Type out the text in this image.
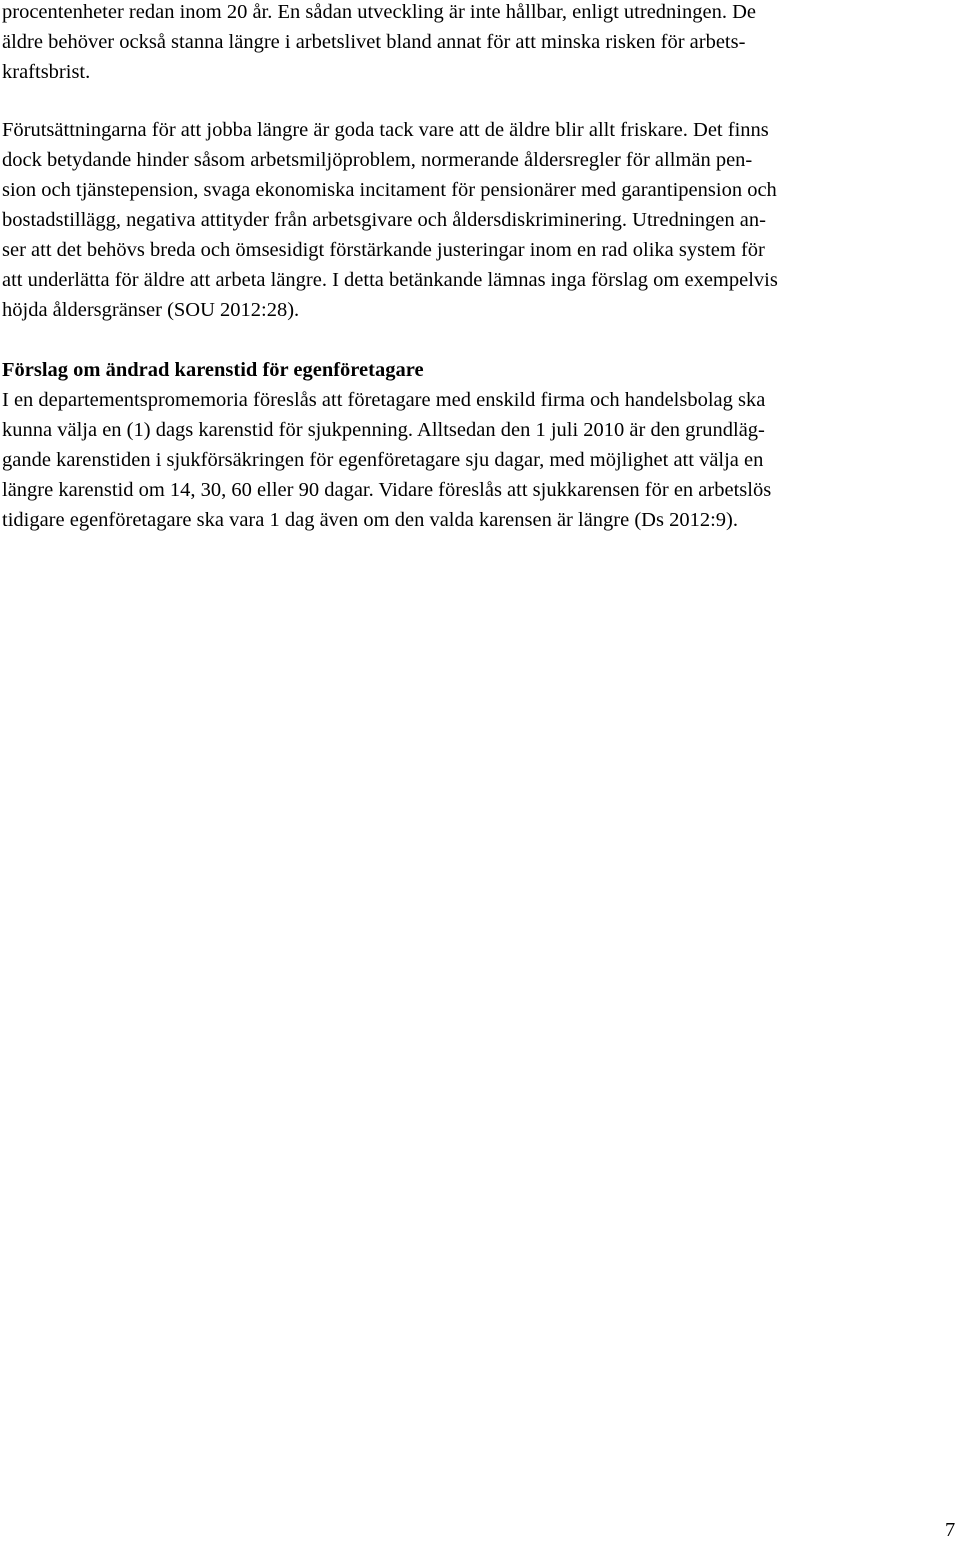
procentenheter redan inom 20 år. En sådan utveckling är inte hållbar, enligt utredningen. De
äldre behöver också stanna längre i arbetslivet bland annat för att minska risken för arbets-
kraftsbrist.
Förutsättningarna för att jobba längre är goda tack vare att de äldre blir allt friskare. Det finns
dock betydande hinder såsom arbetsmiljöproblem, normerande åldersregler för allmän pen-
sion och tjänstepension, svaga ekonomiska incitament för pensionärer med garantipension och
bostadstillägg, negativa attityder från arbetsgivare och åldersdiskriminering. Utredningen an-
ser att det behövs breda och ömsesidigt förstärkande justeringar inom en rad olika system för
att underlätta för äldre att arbeta längre. I detta betänkande lämnas inga förslag om exempelvis
höjda åldersgränser (SOU 2012:28).
Förslag om ändrad karenstid för egenföretagare
I en departementspromemoria föreslås att företagare med enskild firma och handelsbolag ska
kunna välja en (1) dags karenstid för sjukpenning. Alltsedan den 1 juli 2010 är den grundläg-
gande karenstiden i sjukförsäkringen för egenföretagare sju dagar, med möjlighet att välja en
längre karenstid om 14, 30, 60 eller 90 dagar. Vidare föreslås att sjukkarensen för en arbetslös
tidigare egenföretagare ska vara 1 dag även om den valda karensen är längre (Ds 2012:9).
7
